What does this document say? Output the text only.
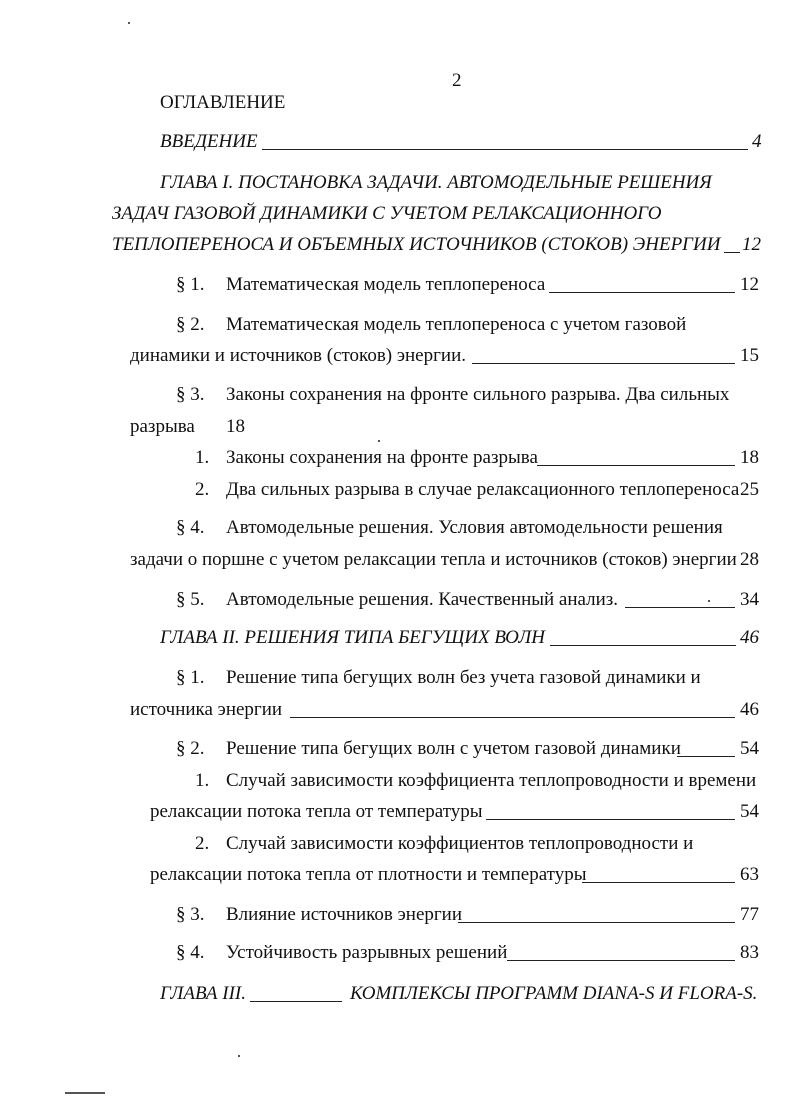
2
ОГЛАВЛЕНИЕ
ВВЕДЕНИЕ	4
ГЛАВА I. ПОСТАНОВКА ЗАДАЧИ. АВТОМОДЕЛЬНЫЕ РЕШЕНИЯ
ЗАДАЧ ГАЗОВОЙ ДИНАМИКИ С УЧЕТОМ РЕЛАКСАЦИОННОГО
ТЕПЛОПЕРЕНОСА И ОБЪЕМНЫХ ИСТОЧНИКОВ (СТОКОВ) ЭНЕРГИИ 12
§ 1. Математическая модель теплопереноса	12
§ 2. Математическая модель теплопереноса с учетом газовой
динамики и источников (стоков) энергии.	15
§ 3. Законы сохранения на фронте сильного разрыва. Два сильных
разрыва 18
1. Законы сохранения на фронте разрыва	18
2. Два сильных разрыва в случае релаксационного теплопереноса 25
§ 4. Автомодельные решения. Условия автомодельности решения
задачи о поршне с учетом релаксации тепла и источников (стоков) энергии 28
§ 5. Автомодельные решения. Качественный анализ.	34
ГЛАВА II. РЕШЕНИЯ ТИПА БЕГУЩИХ ВОЛН	46
§ 1. Решение типа бегущих волн без учета газовой динамики и
источника энергии	46
§ 2. Решение типа бегущих волн с учетом газовой динамики	54
1. Случай зависимости коэффициента теплопроводности и времени
релаксации потока тепла от температуры	54
2. Случай зависимости коэффициентов теплопроводности и
релаксации потока тепла от плотности и температуры	63
§ 3. Влияние источников энергии	77
§ 4. Устойчивость разрывных решений	83
ГЛАВА III.	КОМПЛЕКСЫ ПРОГРАММ DIANA-S И FLORA-S.
